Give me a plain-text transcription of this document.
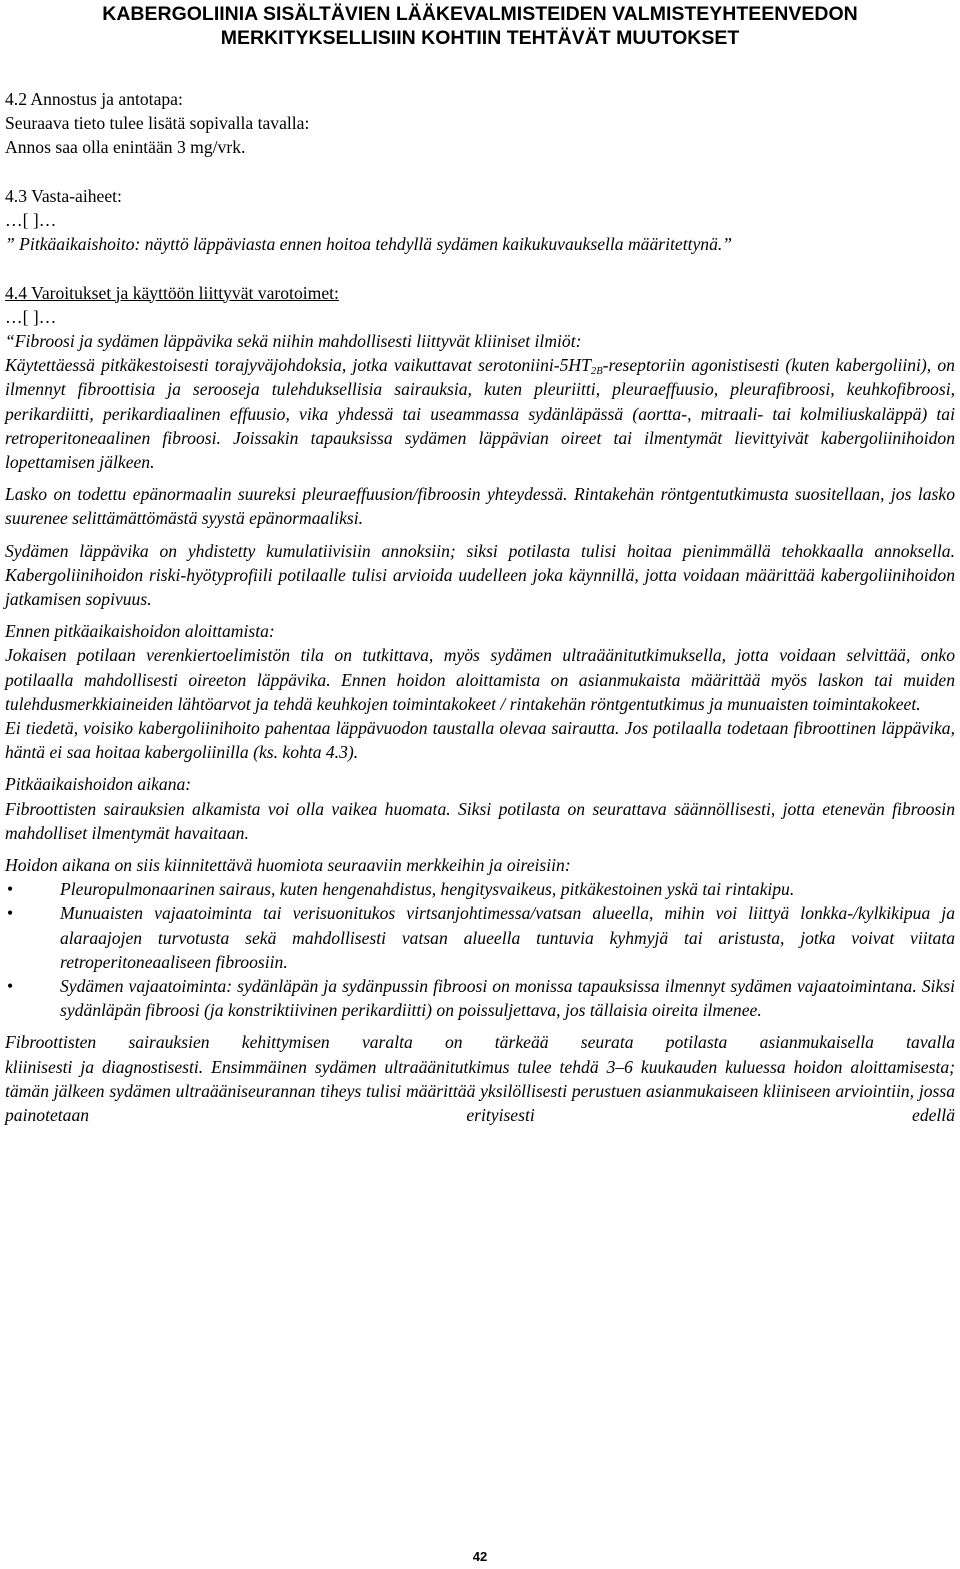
KABERGOLIINIA SISÄLTÄVIEN LÄÄKEVALMISTEIDEN VALMISTEYHTEENVEDON
MERKITYKSELLISIIN KOHTIIN TEHTÄVÄT MUUTOKSET

4.2 Annostus ja antotapa:

Seuraava tieto tulee lisätä sopivalla tavalla:

Annos saa olla enintään 3 mg/vrk.

4.3 Vasta-aiheet:

…[ ]…

” Pitkäaikaishoito: näyttö läppäviasta ennen hoitoa tehdyllä sydämen kaikukuvauksella määritettynä.”

4.4 Varoitukset ja käyttöön liittyvät varotoimet:

…[ ]…

“Fibroosi ja sydämen läppävika sekä niihin mahdollisesti liittyvät kliiniset ilmiöt:

Käytettäessä pitkäkestoisesti torajyväjohdoksia, jotka vaikuttavat serotoniini-$5HT_{2B}$-reseptoriin agonistisesti (kuten kabergoliini), on ilmennyt fibroottisia ja serooseja tulehduksellisia sairauksia, kuten pleuriitti, pleuraeffuusio, pleurafibroosi, keuhkofibroosi, perikardiitti, perikardiaalinen effuusio, vika yhdessä tai useammassa sydänläpässä (aortta-, mitraali- tai kolmiliuskaläppä) tai retroperitoneaalinen fibroosi. Joissakin tapauksissa sydämen läppävian oireet tai ilmentymät lievittyivät kabergoliinihoidon lopettamisen jälkeen.

Lasko on todettu epänormaalin suureksi pleuraeffuusion/fibroosin yhteydessä. Rintakehän röntgentutkimusta suositellaan, jos lasko suurenee selittämättömästä syystä epänormaaliksi.

Sydämen läppävika on yhdistetty kumulatiivisiin annoksiin; siksi potilasta tulisi hoitaa pienimmällä tehokkaalla annoksella. Kabergoliinihoidon riski-hyötyprofiili potilaalle tulisi arvioida uudelleen joka käynnillä, jotta voidaan määrittää kabergoliinihoidon jatkamisen sopivuus.

Ennen pitkäaikaishoidon aloittamista:

Jokaisen potilaan verenkiertoelimistön tila on tutkittava, myös sydämen ultraäänitutkimuksella, jotta voidaan selvittää, onko potilaalla mahdollisesti oireeton läppävika. Ennen hoidon aloittamista on asianmukaista määrittää myös laskon tai muiden tulehdusmerkkiaineiden lähtöarvot ja tehdä keuhkojen toimintakokeet / rintakehän röntgentutkimus ja munuaisten toimintakokeet.

Ei tiedetä, voisiko kabergoliinihoito pahentaa läppävuodon taustalla olevaa sairautta. Jos potilaalla todetaan fibroottinen läppävika, häntä ei saa hoitaa kabergoliinilla (ks. kohta 4.3).

Pitkäaikaishoidon aikana:

Fibroottisten sairauksien alkamista voi olla vaikea huomata. Siksi potilasta on seurattava säännöllisesti, jotta etenevän fibroosin mahdolliset ilmentymät havaitaan.

Hoidon aikana on siis kiinnitettävä huomiota seuraaviin merkkeihin ja oireisiin:

•	Pleuropulmonaarinen sairaus, kuten hengenahdistus, hengitysvaikeus, pitkäkestoinen yskä tai rintakipu.
•	Munuaisten vajaatoiminta tai verisuonitukos virtsanjohtimessa/vatsan alueella, mihin voi liittyä lonkka-/kylkikipua ja alaraajojen turvotusta sekä mahdollisesti vatsan alueella tuntuvia kyhmyjä tai aristusta, jotka voivat viitata retroperitoneaaliseen fibroosiin.
•	Sydämen vajaatoiminta: sydänläpän ja sydänpussin fibroosi on monissa tapauksissa ilmennyt sydämen vajaatoimintana. Siksi sydänläpän fibroosi (ja konstriktiivinen perikardiitti) on poissuljettava, jos tällaisia oireita ilmenee.

Fibroottisten sairauksien kehittymisen varalta on tärkeää seurata potilasta asianmukaisella tavalla

kliinisesti ja diagnostisesti. Ensimmäinen sydämen ultraäänitutkimus tulee tehdä 3–6 kuukauden kuluessa hoidon aloittamisesta; tämän jälkeen sydämen ultraääniseurannan tiheys tulisi määrittää yksilöllisesti perustuen asianmukaiseen kliiniseen arviointiin, jossa painotetaan erityisesti edellä

42
